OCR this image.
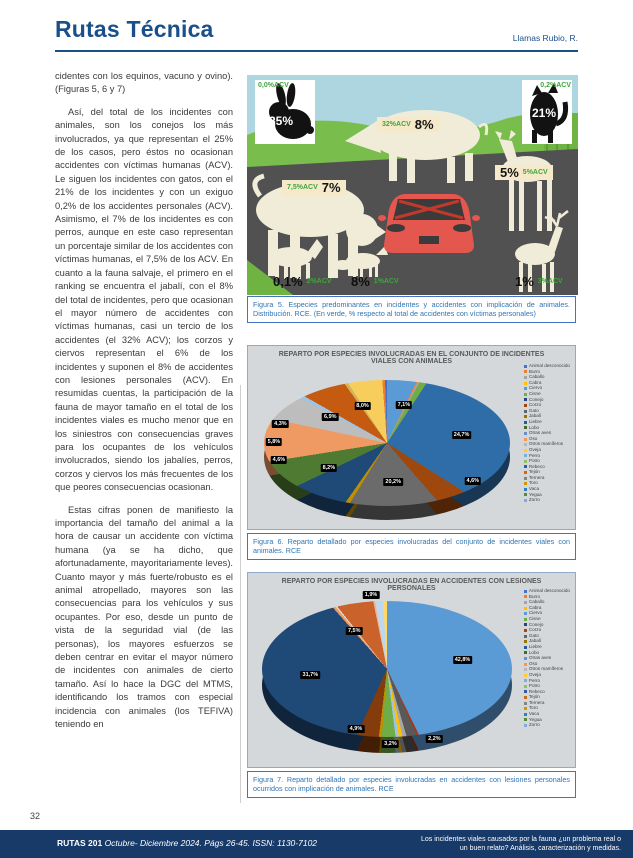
Rutas Técnica	Llamas Rubio, R.

cidentes con los equinos, vacuno y ovino). (Figuras 5, 6 y 7)

Así, del total de los incidentes con animales, son los conejos los más involucrados, ya que representan el 25% de los casos, pero éstos no ocasionan accidentes con víctimas humanas (ACV). Le siguen los incidentes con gatos, con el 21% de los incidentes y con un exiguo 0,2% de los accidentes personales (ACV). Asimismo, el 7% de los incidentes es con perros, aunque en este caso representan un porcentaje similar de los accidentes con víctimas humanas, el 7,5% de los ACV. En cuanto a la fauna salvaje, el primero en el ranking se encuentra el jabalí, con el 8% del total de incidentes, pero que ocasionan el mayor número de accidentes con víctimas humanas, casi un tercio de los accidentes (el 32% ACV); los corzos y ciervos representan el 6% de los incidentes y suponen el 8% de accidentes con lesiones personales (ACV). En resumidas cuentas, la participación de la fauna de mayor tamaño en el total de los incidentes viales es mucho menor que en los siniestros con consecuencias graves para los ocupantes de los vehículos involucrados, siendo los jabalíes, perros, corzos y ciervos los más frecuentes de los que peores consecuencias ocasionan.

Estas cifras ponen de manifiesto la importancia del tamaño del animal a la hora de causar un accidente con víctima humana (ya se ha dicho, que afortunadamente, mayoritariamente leves). Cuanto mayor y más fuerte/robusto es el animal atropellado, mayores son las consecuencias para los vehículos y sus ocupantes. Por eso, desde un punto de vista de la seguridad vial (de las personas), los mayores esfuerzos se deben centrar en evitar el mayor número de incidentes con animales de cierto tamaño. Así lo hace la DGC del MTMS, identificando los tramos con especial incidencia con animales (los TEFIVA) teniendo en

0,0%ACV
25%
0,2%ACV
21%
32%ACV 8%
7,5%ACV 7%
5% 5%ACV
0,1% 2%ACV 8% 1%ACV	1% 3%ACV
Figura 5. Especies predominantes en incidentes y accidentes con implicación de animales. Distribución. RCE. (En verde, % respecto al total de accidentes con víctimas personales)
REPARTO POR ESPECIES INVOLUCRADAS EN EL CONJUNTO DE INCIDENTES VIALES CON ANIMALES
7,1%
24,7%
4,6%
20,2%
8,2%
4,6%
5,8%
4,3%
6,9%
8,0%
Animal desconocido
Burro
Caballo
Cabra
Ciervo
Cisne
Conejo
Corzo
Gato
Jabalí
Liebre
Lobo
Otras aves
Oso
Otros mamíferos
Oveja
Perro
Potro
Rebeco
Tejón
Ternera
Toro
Vaca
Yegua
Zorro
Figura 6. Reparto detallado por especies involucradas del conjunto de incidentes viales con animales. RCE
REPARTO POR ESPECIES INVOLUCRADAS EN ACCIDENTES CON LESIONES PERSONALES
42,8%
2,2%
3,2%
4,9%
31,7%
7,5%
1,9%
Animal desconocido
Burro
Caballo
Cabra
Ciervo
Cisne
Conejo
Corzo
Gato
Jabalí
Liebre
Lobo
Otras aves
Oso
Otros mamíferos
Oveja
Perro
Potro
Rebeco
Tejón
Ternera
Toro
Vaca
Yegua
Zorro
Figura 7. Reparto detallado por especies involucradas en accidentes con lesiones personales ocurridos con implicación de animales. RCE
32
RUTAS 201 Octubre- Diciembre 2024. Págs 26-45. ISSN: 1130-7102	Los incidentes viales causados por la fauna ¿un problema real o
un buen relato? Análisis, caracterización y medidas.
